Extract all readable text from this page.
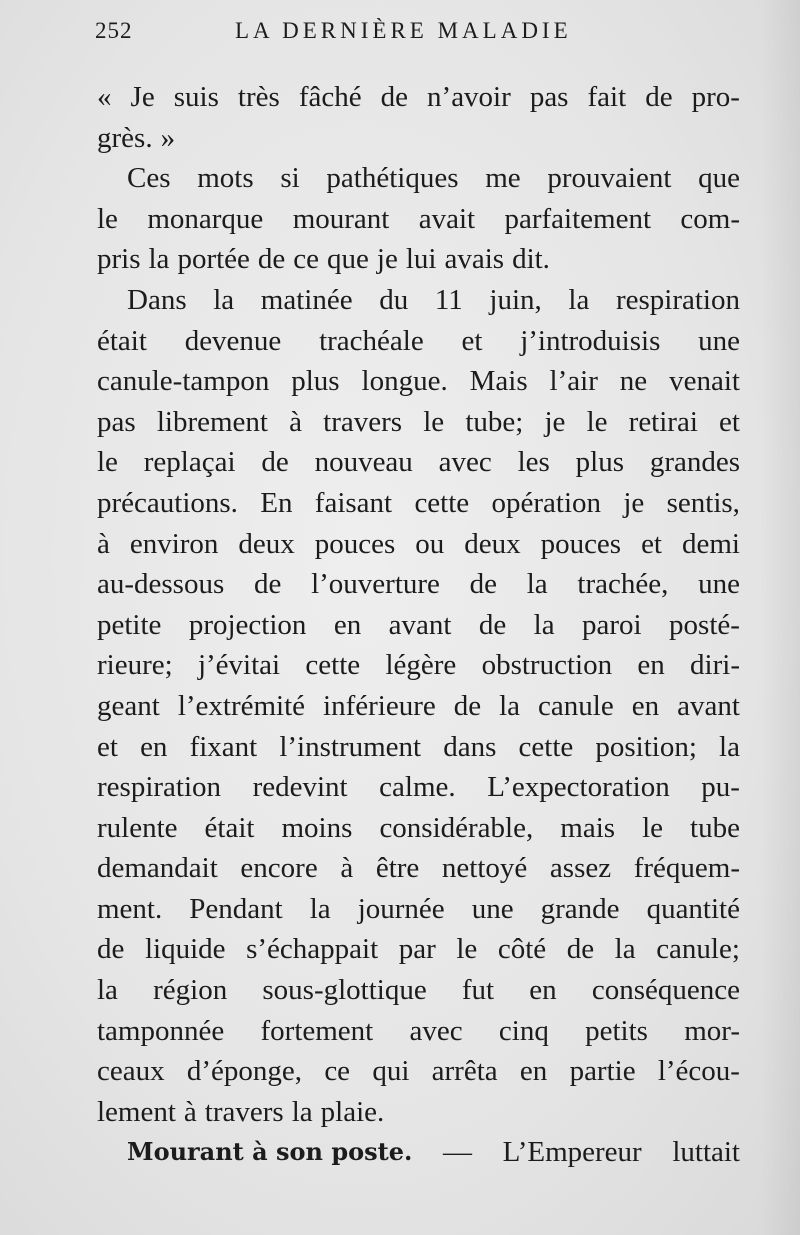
252	LA DERNIÈRE MALADIE
« Je suis très fâché de n’avoir pas fait de pro-
grès. »
Ces mots si pathétiques me prouvaient que
le monarque mourant avait parfaitement com-
pris la portée de ce que je lui avais dit.
Dans la matinée du 11 juin, la respiration
était devenue trachéale et j’introduisis une
canule-tampon plus longue. Mais l’air ne venait
pas librement à travers le tube; je le retirai et
le replaçai de nouveau avec les plus grandes
précautions. En faisant cette opération je sentis,
à environ deux pouces ou deux pouces et demi
au-dessous de l’ouverture de la trachée, une
petite projection en avant de la paroi posté-
rieure; j’évitai cette légère obstruction en diri-
geant l’extrémité inférieure de la canule en avant
et en fixant l’instrument dans cette position; la
respiration redevint calme. L’expectoration pu-
rulente était moins considérable, mais le tube
demandait encore à être nettoyé assez fréquem-
ment. Pendant la journée une grande quantité
de liquide s’échappait par le côté de la canule;
la région sous-glottique fut en conséquence
tamponnée fortement avec cinq petits mor-
ceaux d’éponge, ce qui arrêta en partie l’écou-
lement à travers la plaie.
Mourant à son poste. — L’Empereur luttait
